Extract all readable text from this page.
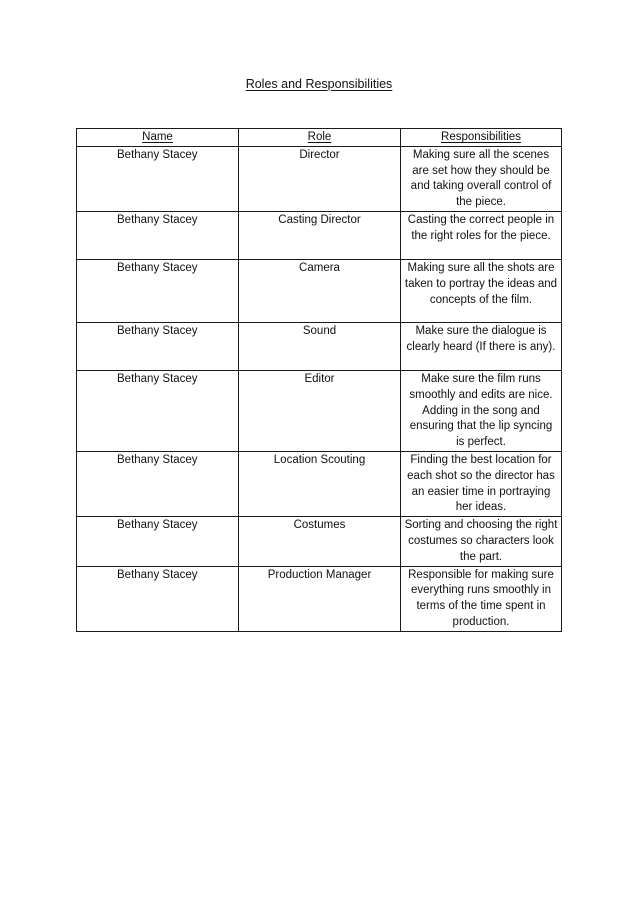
Roles and Responsibilities
Name	Role	Responsibilities
Bethany Stacey	Director	Making sure all the scenes are set how they should be and taking overall control of the piece.
Bethany Stacey	Casting Director	Casting the correct people in the right roles for the piece.
Bethany Stacey	Camera	Making sure all the shots are taken to portray the ideas and concepts of the film.
Bethany Stacey	Sound	Make sure the dialogue is clearly heard (If there is any).
Bethany Stacey	Editor	Make sure the film runs smoothly and edits are nice. Adding in the song and ensuring that the lip syncing is perfect.
Bethany Stacey	Location Scouting	Finding the best location for each shot so the director has an easier time in portraying her ideas.
Bethany Stacey	Costumes	Sorting and choosing the right costumes so characters look the part.
Bethany Stacey	Production Manager	Responsible for making sure everything runs smoothly in terms of the time spent in production.
